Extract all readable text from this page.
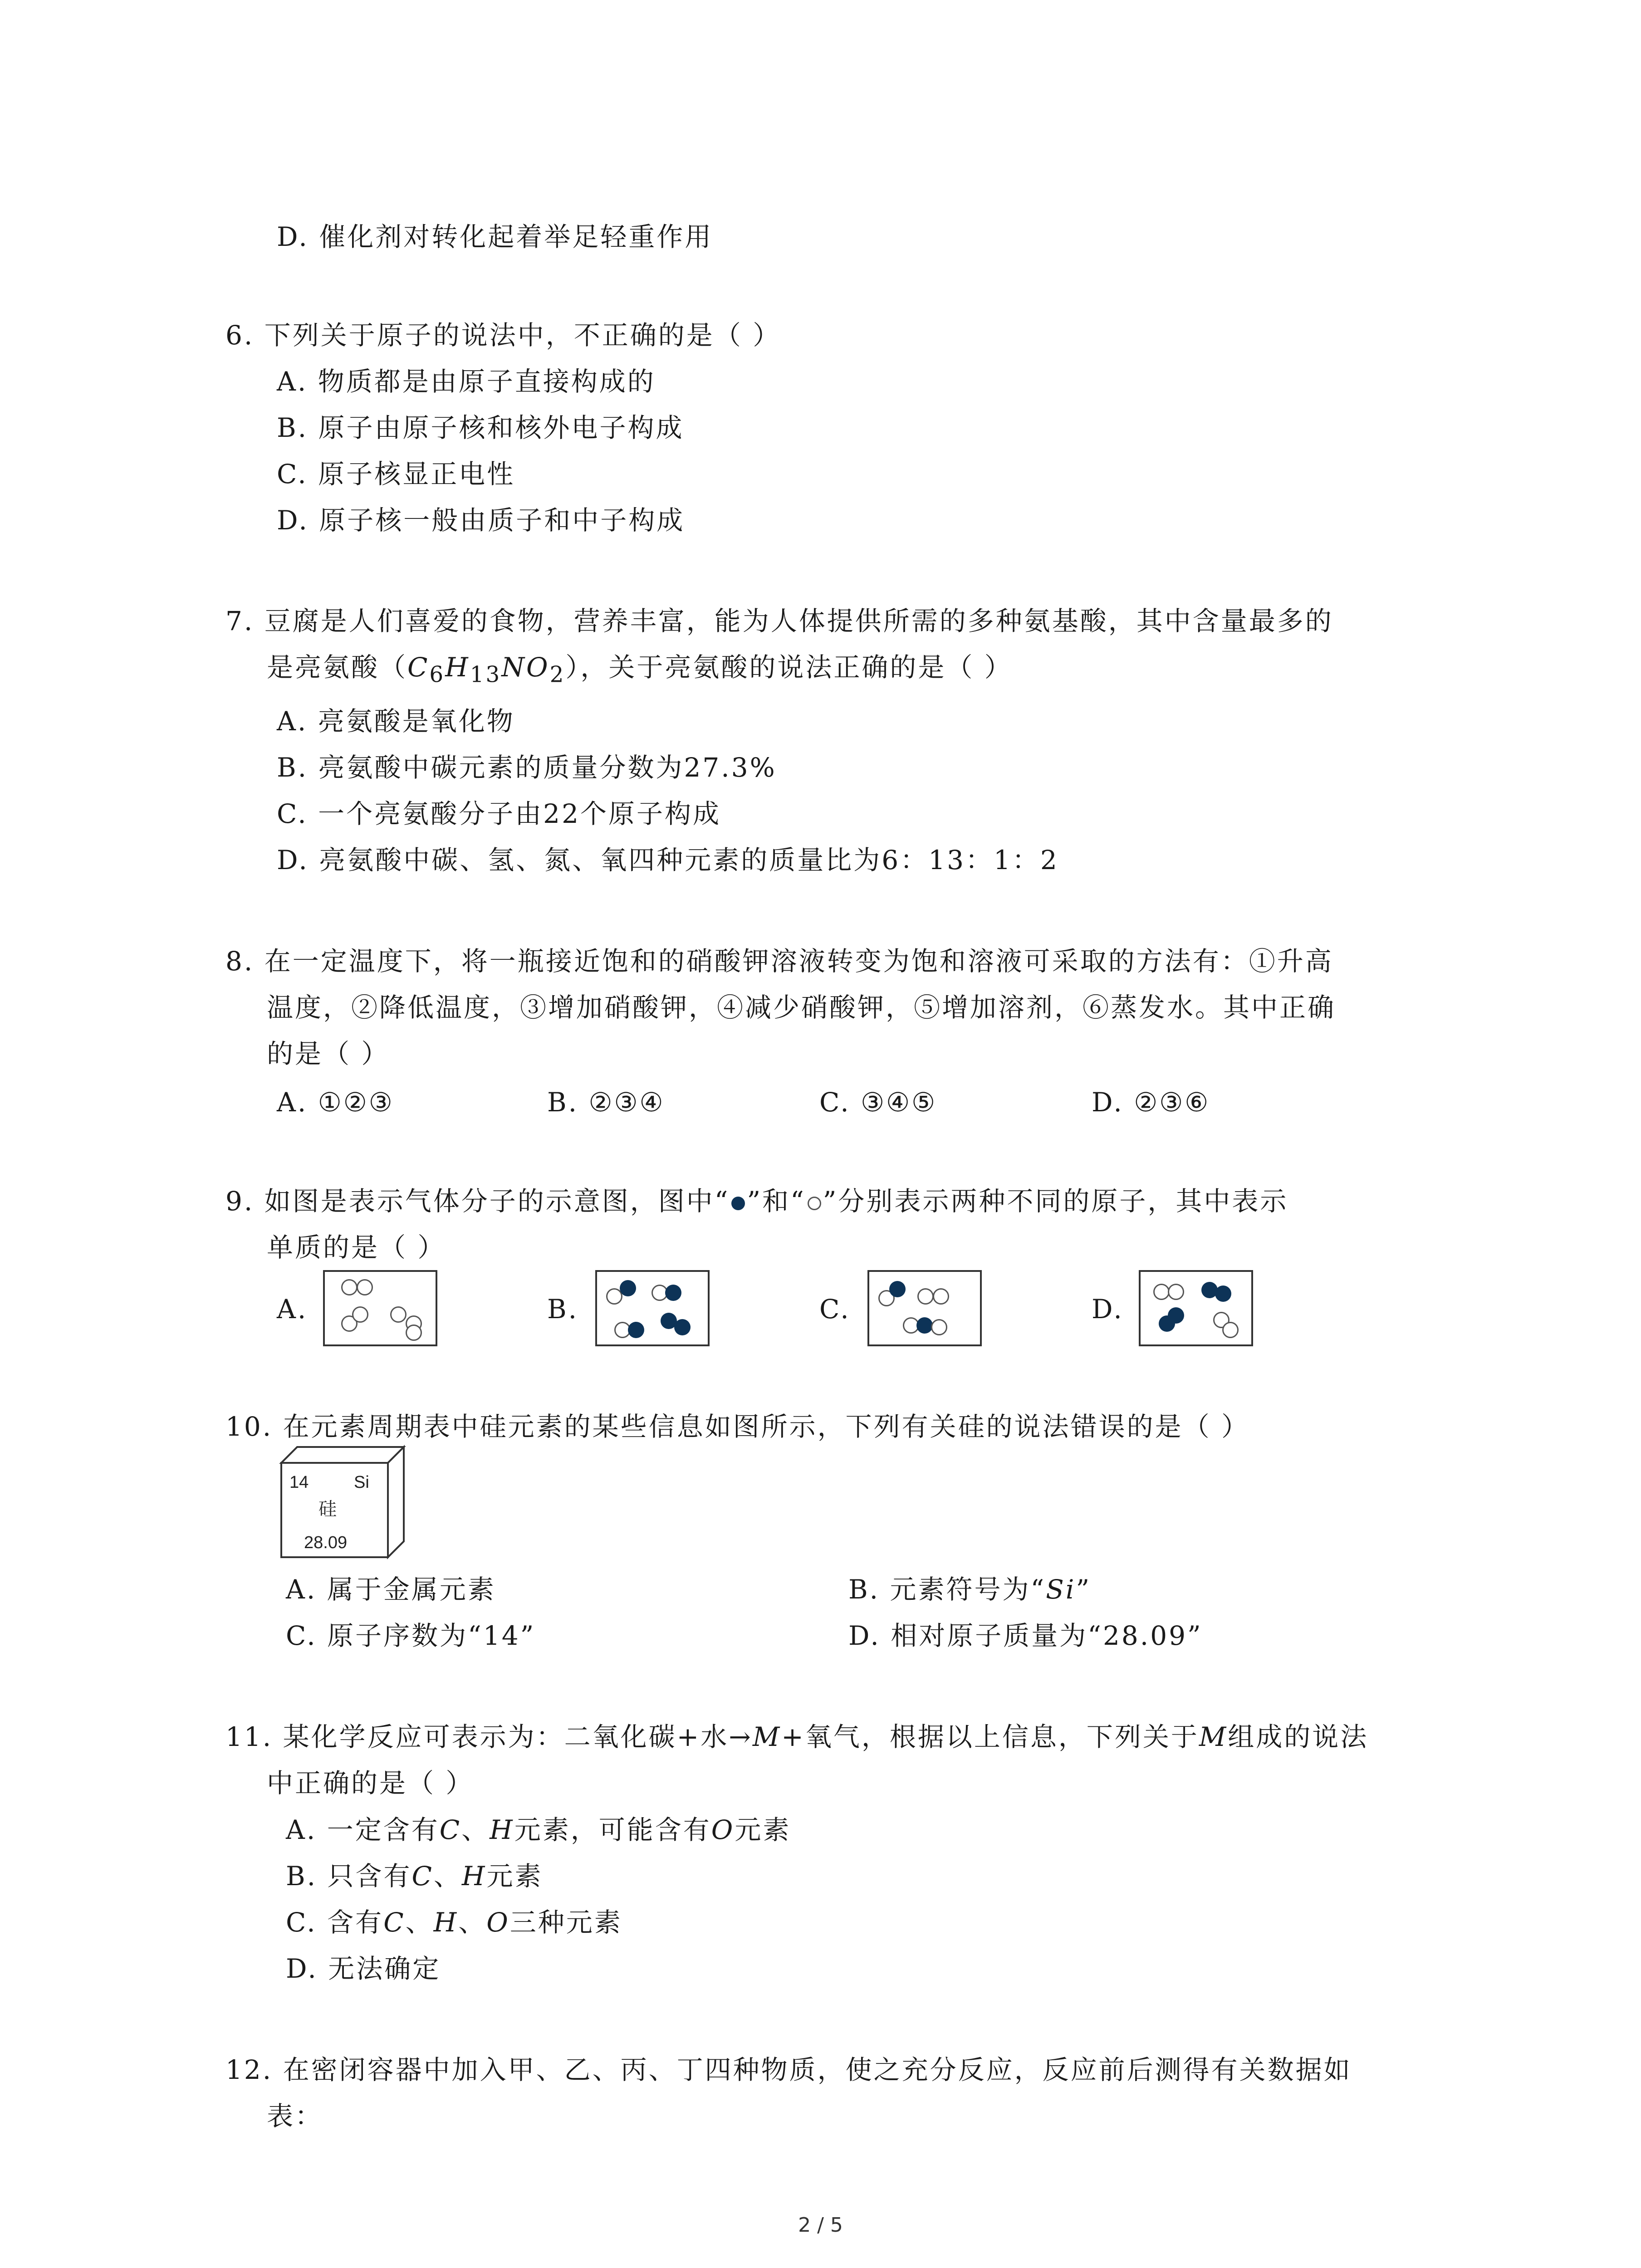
D. 催化剂对转化起着举足轻重作用
6. 下列关于原子的说法中，不正确的是（ ）
A. 物质都是由原子直接构成的
B. 原子由原子核和核外电子构成
C. 原子核显正电性
D. 原子核一般由质子和中子构成
7. 豆腐是人们喜爱的食物，营养丰富，能为人体提供所需的多种氨基酸，其中含量最多的
是亮氨酸$(C_6H_{13}NO_2)$，关于亮氨酸的说法正确的是（ ）
A. 亮氨酸是氧化物
B. 亮氨酸中碳元素的质量分数为27.3%
C. 一个亮氨酸分子由22个原子构成
D. 亮氨酸中碳、氢、氮、氧四种元素的质量比为6：13：1：2
8. 在一定温度下，将一瓶接近饱和的硝酸钾溶液转变为饱和溶液可采取的方法有：①升高
温度，②降低温度，③增加硝酸钾，④减少硝酸钾，⑤增加溶剂，⑥蒸发水。其中正确
的是（ ）
A. ①②③	B. ②③④	C. ③④⑤	D. ②③⑥
9. 如图是表示气体分子的示意图，图中“ ”和“ ”分别表示两种不同的原子，其中表示
单质的是（ ）
A.	B.	C.	D.
10. 在元素周期表中硅元素的某些信息如图所示，下列有关硅的说法错误的是（ ）
14	Si
硅
28.09
A. 属于金属元素	B. 元素符号为“Si”
C. 原子序数为“14”	D. 相对原子质量为“28.09”
11. 某化学反应可表示为：二氧化碳+水→M+氧气，根据以上信息，下列关于M组成的说法
中正确的是（ ）
A. 一定含有C、H元素，可能含有O元素
B. 只含有C、H元素
C. 含有C、H、O三种元素
D. 无法确定
12. 在密闭容器中加入甲、乙、丙、丁四种物质，使之充分反应，反应前后测得有关数据如
表：
2 / 5
